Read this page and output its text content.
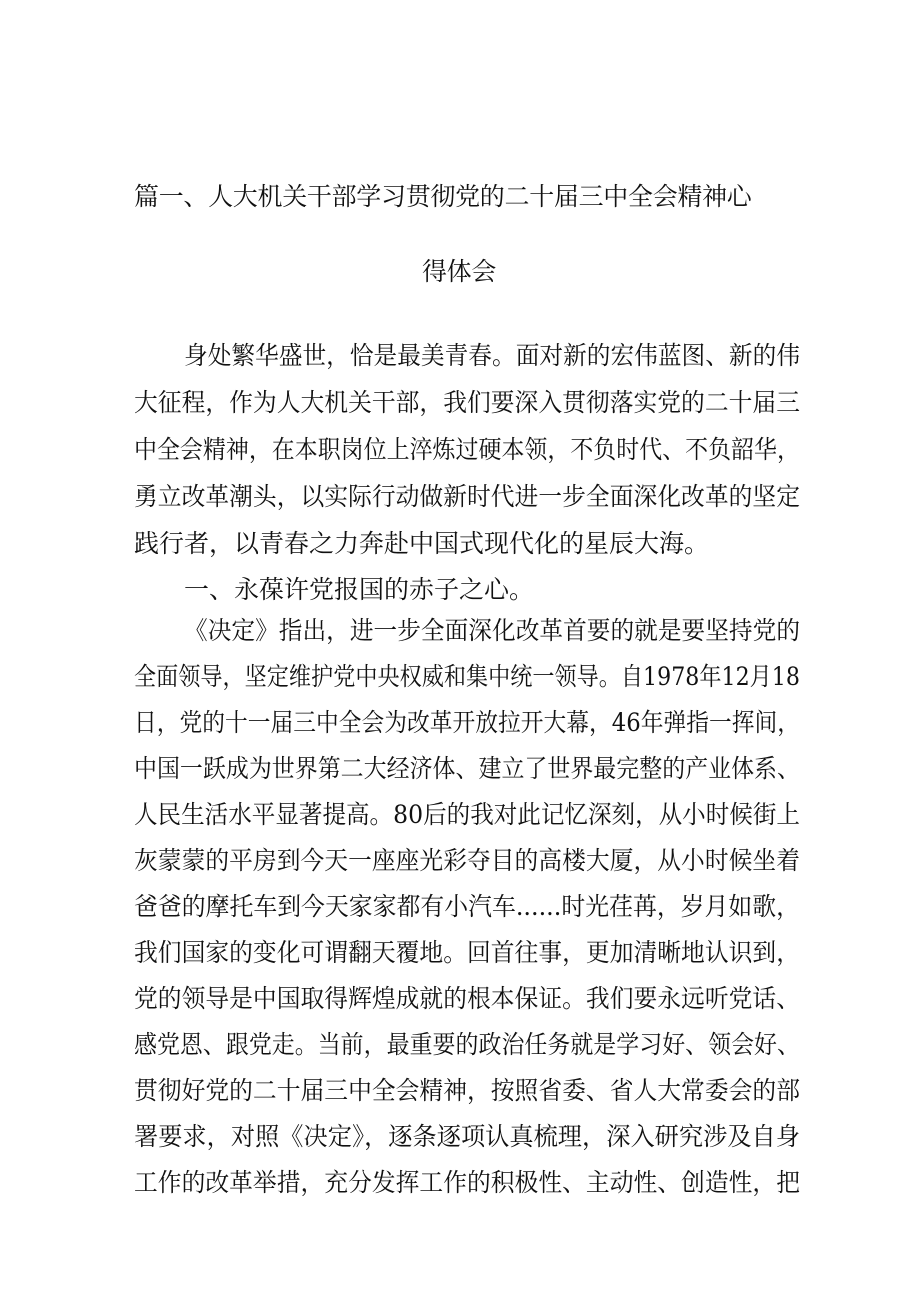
篇一、人大机关干部学习贯彻党的二十届三中全会精神心
得体会
身处繁华盛世，恰是最美青春。面对新的宏伟蓝图、新的伟
大征程，作为人大机关干部，我们要深入贯彻落实党的二十届三
中全会精神，在本职岗位上淬炼过硬本领，不负时代、不负韶华，
勇立改革潮头，以实际行动做新时代进一步全面深化改革的坚定
践行者，以青春之力奔赴中国式现代化的星辰大海。
一、永葆许党报国的赤子之心。
《决定》指出，进一步全面深化改革首要的就是要坚持党的
全面领导，坚定维护党中央权威和集中统一领导。自1978年12月18
日，党的十一届三中全会为改革开放拉开大幕，46年弹指一挥间，
中国一跃成为世界第二大经济体、建立了世界最完整的产业体系、
人民生活水平显著提高。80后的我对此记忆深刻，从小时候街上
灰蒙蒙的平房到今天一座座光彩夺目的高楼大厦，从小时候坐着
爸爸的摩托车到今天家家都有小汽车......时光荏苒，岁月如歌，
我们国家的变化可谓翻天覆地。回首往事，更加清晰地认识到，
党的领导是中国取得辉煌成就的根本保证。我们要永远听党话、
感党恩、跟党走。当前，最重要的政治任务就是学习好、领会好、
贯彻好党的二十届三中全会精神，按照省委、省人大常委会的部
署要求，对照《决定》，逐条逐项认真梳理，深入研究涉及自身
工作的改革举措，充分发挥工作的积极性、主动性、创造性，把
